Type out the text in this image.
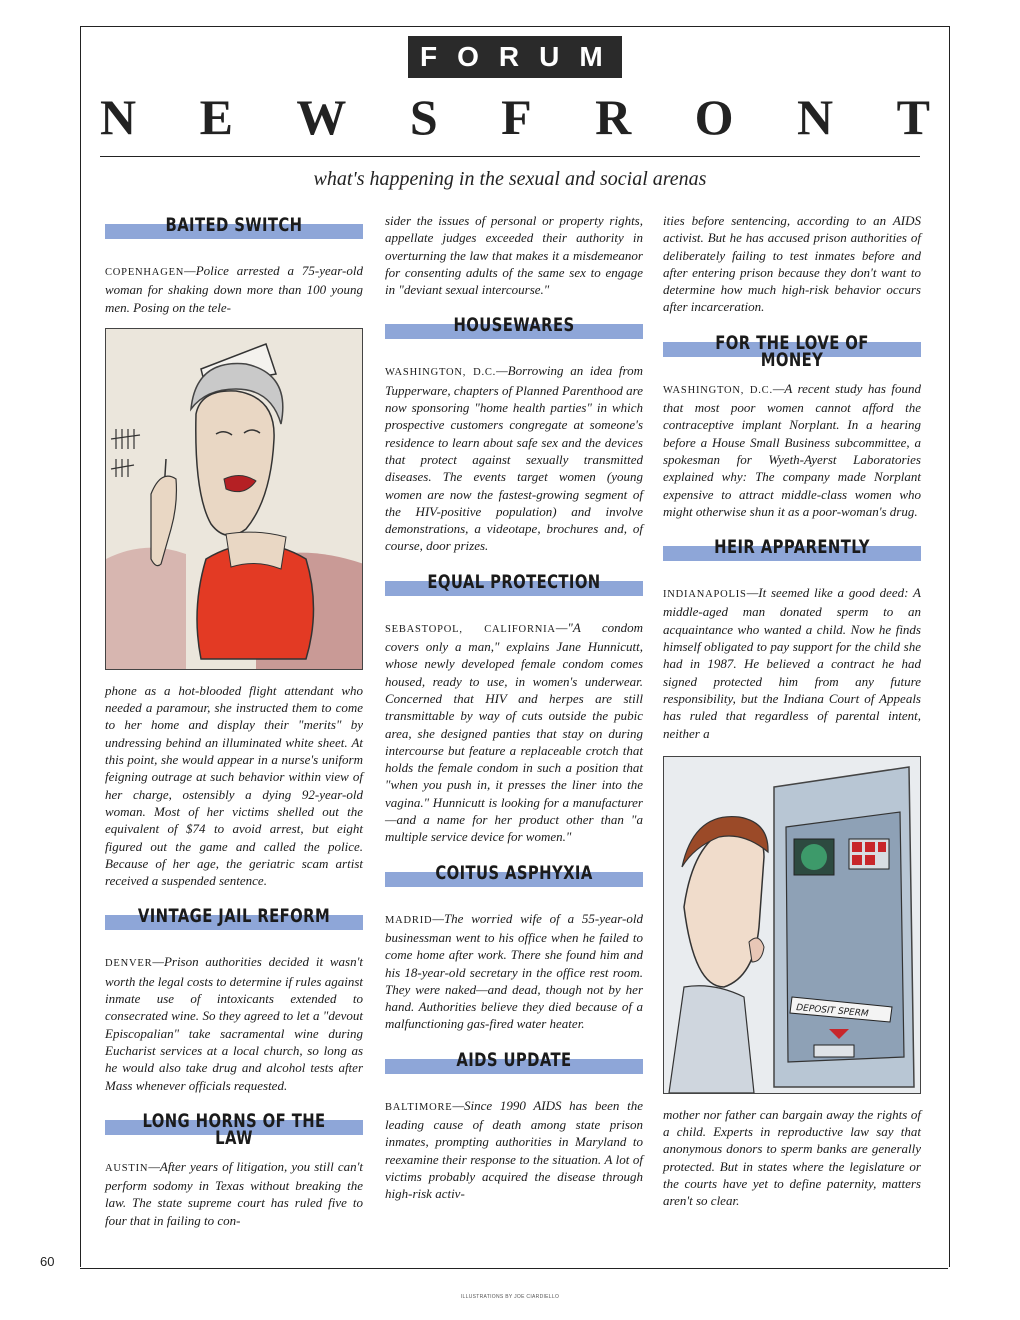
FORUM
N E W S F R O N T
what's happening in the sexual and social arenas
BAITED SWITCH

COPENHAGEN—Police arrested a 75-year-old woman for shaking down more than 100 young men. Posing on the tele-

phone as a hot-blooded flight attendant who needed a paramour, she instructed them to come to her home and display their "merits" by undressing behind an illuminated white sheet. At this point, she would appear in a nurse's uniform feigning outrage at such behavior within view of her charge, ostensibly a dying 92-year-old woman. Most of her victims shelled out the equivalent of $74 to avoid arrest, but eight figured out the game and called the police. Because of her age, the geriatric scam artist received a suspended sentence.

VINTAGE JAIL REFORM

DENVER—Prison authorities decided it wasn't worth the legal costs to determine if rules against inmate use of intoxicants extended to consecrated wine. So they agreed to let a "devout Episcopalian" take sacramental wine during Eucharist services at a local church, so long as he would also take drug and alcohol tests after Mass whenever officials requested.

LONG HORNS OF THE LAW

AUSTIN—After years of litigation, you still can't perform sodomy in Texas without breaking the law. The state supreme court has ruled five to four that in failing to con-

sider the issues of personal or property rights, appellate judges exceeded their authority in overturning the law that makes it a misdemeanor for consenting adults of the same sex to engage in "deviant sexual intercourse."

HOUSEWARES

WASHINGTON, D.C.—Borrowing an idea from Tupperware, chapters of Planned Parenthood are now sponsoring "home health parties" in which prospective customers congregate at someone's residence to learn about safe sex and the devices that protect against sexually transmitted diseases. The events target women (young women are now the fastest-growing segment of the HIV-positive population) and involve demonstrations, a videotape, brochures and, of course, door prizes.

EQUAL PROTECTION

SEBASTOPOL, CALIFORNIA—"A condom covers only a man," explains Jane Hunnicutt, whose newly developed female condom comes housed, ready to use, in women's underwear. Concerned that HIV and herpes are still transmittable by way of cuts outside the pubic area, she designed panties that stay on during intercourse but feature a replaceable crotch that holds the female condom in such a position that "when you push in, it presses the liner into the vagina." Hunnicutt is looking for a manufacturer—and a name for her product other than "a multiple service device for women."

COITUS ASPHYXIA

MADRID—The worried wife of a 55-year-old businessman went to his office when he failed to come home after work. There she found him and his 18-year-old secretary in the office rest room. They were naked—and dead, though not by her hand. Authorities believe they died because of a malfunctioning gas-fired water heater.

AIDS UPDATE

BALTIMORE—Since 1990 AIDS has been the leading cause of death among state prison inmates, prompting authorities in Maryland to reexamine their response to the situation. A lot of victims probably acquired the disease through high-risk activ-

ities before sentencing, according to an AIDS activist. But he has accused prison authorities of deliberately failing to test inmates before and after entering prison because they don't want to determine how much high-risk behavior occurs after incarceration.

FOR THE LOVE OF MONEY

WASHINGTON, D.C.—A recent study has found that most poor women cannot afford the contraceptive implant Norplant. In a hearing before a House Small Business subcommittee, a spokesman for Wyeth-Ayerst Laboratories explained why: The company made Norplant expensive to attract middle-class women who might otherwise shun it as a poor-woman's drug.

HEIR APPARENTLY

INDIANAPOLIS—It seemed like a good deed: A middle-aged man donated sperm to an acquaintance who wanted a child. Now he finds himself obligated to pay support for the child she had in 1987. He believed a contract he had signed protected him from any future responsibility, but the Indiana Court of Appeals has ruled that regardless of parental intent, neither a

DEPOSIT SPERM

mother nor father can bargain away the rights of a child. Experts in reproductive law say that anonymous donors to sperm banks are generally protected. But in states where the legislature or the courts have yet to define paternity, matters aren't so clear.

60
ILLUSTRATIONS BY JOE CIARDIELLO
